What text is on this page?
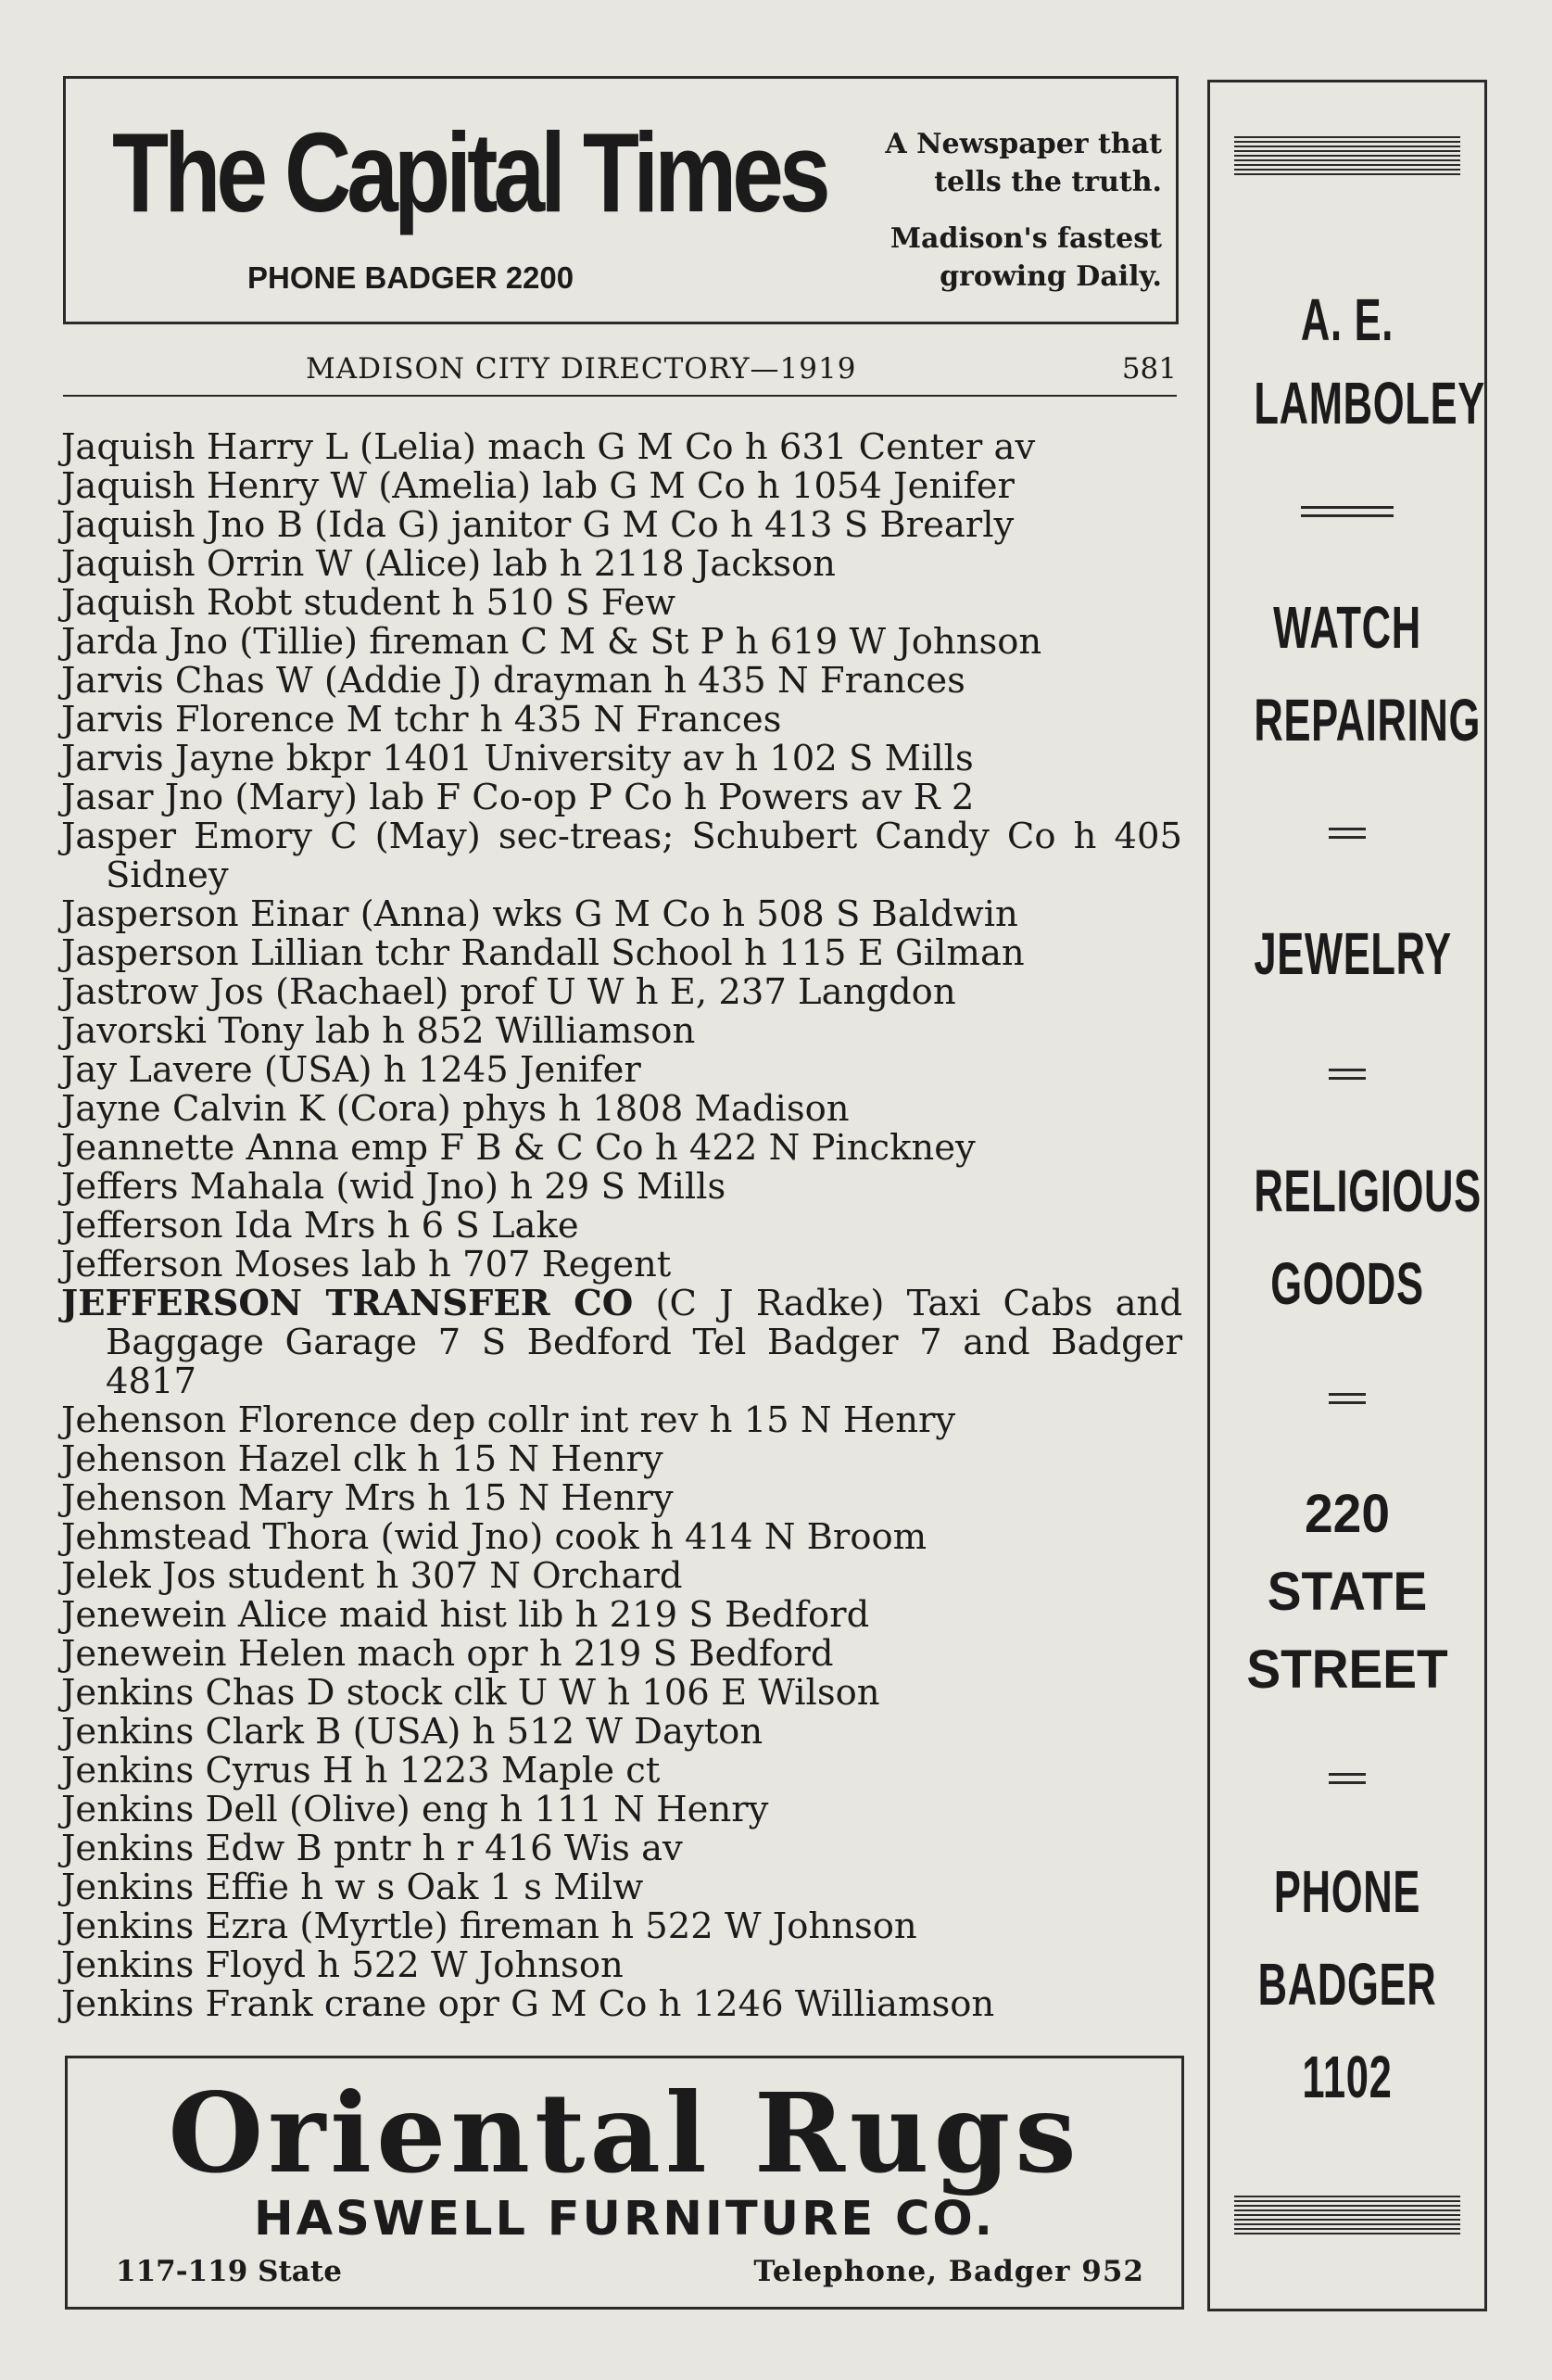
The Capital Times
PHONE BADGER 2200
A Newspaper that
tells the truth.
Madison's fastest
growing Daily.
MADISON CITY DIRECTORY—1919	581
Jaquish Harry L (Lelia) mach G M Co h 631 Center av
Jaquish Henry W (Amelia) lab G M Co h 1054 Jenifer
Jaquish Jno B (Ida G) janitor G M Co h 413 S Brearly
Jaquish Orrin W (Alice) lab h 2118 Jackson
Jaquish Robt student h 510 S Few
Jarda Jno (Tillie) fireman C M & St P h 619 W Johnson
Jarvis Chas W (Addie J) drayman h 435 N Frances
Jarvis Florence M tchr h 435 N Frances
Jarvis Jayne bkpr 1401 University av h 102 S Mills
Jasar Jno (Mary) lab F Co-op P Co h Powers av R 2
Jasper Emory C (May) sec-treas; Schubert Candy Co h 405 Sidney
Jasperson Einar (Anna) wks G M Co h 508 S Baldwin
Jasperson Lillian tchr Randall School h 115 E Gilman
Jastrow Jos (Rachael) prof U W h E, 237 Langdon
Javorski Tony lab h 852 Williamson
Jay Lavere (USA) h 1245 Jenifer
Jayne Calvin K (Cora) phys h 1808 Madison
Jeannette Anna emp F B & C Co h 422 N Pinckney
Jeffers Mahala (wid Jno) h 29 S Mills
Jefferson Ida Mrs h 6 S Lake
Jefferson Moses lab h 707 Regent
JEFFERSON TRANSFER CO (C J Radke) Taxi Cabs and Baggage Garage 7 S Bedford Tel Badger 7 and Badger 4817
Jehenson Florence dep collr int rev h 15 N Henry
Jehenson Hazel clk h 15 N Henry
Jehenson Mary Mrs h 15 N Henry
Jehmstead Thora (wid Jno) cook h 414 N Broom
Jelek Jos student h 307 N Orchard
Jenewein Alice maid hist lib h 219 S Bedford
Jenewein Helen mach opr h 219 S Bedford
Jenkins Chas D stock clk U W h 106 E Wilson
Jenkins Clark B (USA) h 512 W Dayton
Jenkins Cyrus H h 1223 Maple ct
Jenkins Dell (Olive) eng h 111 N Henry
Jenkins Edw B pntr h r 416 Wis av
Jenkins Effie h w s Oak 1 s Milw
Jenkins Ezra (Myrtle) fireman h 522 W Johnson
Jenkins Floyd h 522 W Johnson
Jenkins Frank crane opr G M Co h 1246 Williamson
Oriental Rugs
HASWELL FURNITURE CO.
117-119 State	Telephone, Badger 952
A. E.
LAMBOLEY
WATCH
REPAIRING
JEWELRY
RELIGIOUS
GOODS
220
STATE
STREET
PHONE
BADGER
1102
